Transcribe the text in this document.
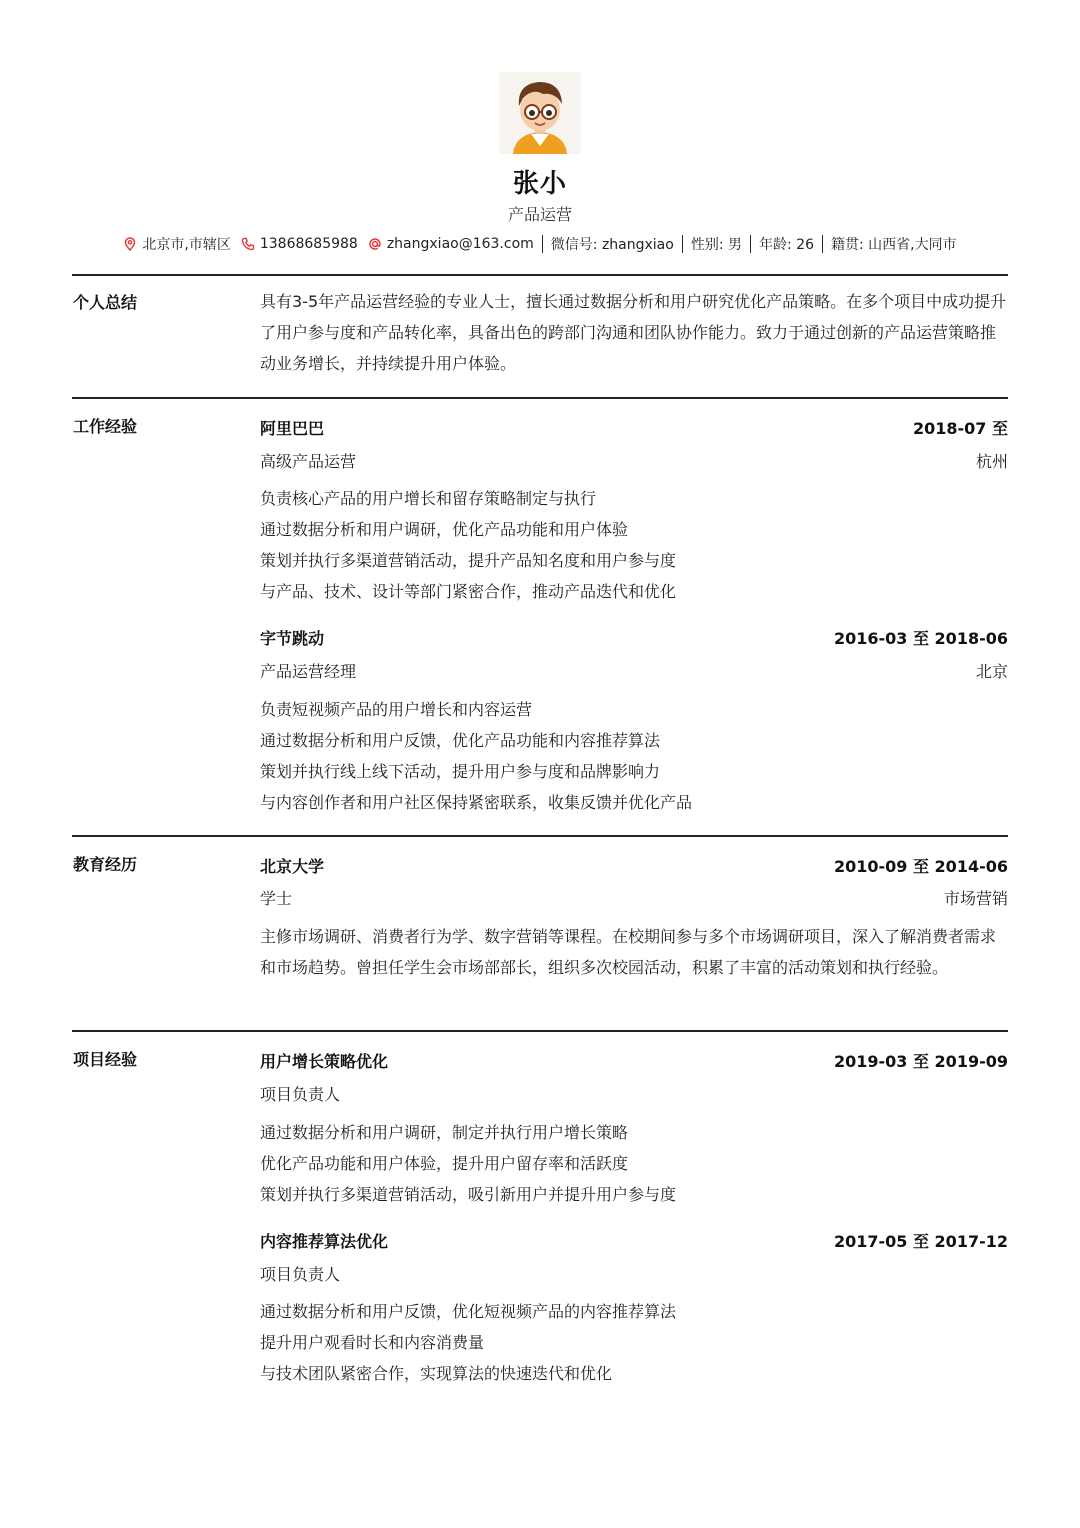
张小
产品运营
北京市,市辖区 13868685988 zhangxiao@163.com 微信号: zhangxiao 性别: 男 年龄: 26 籍贯: 山西省,大同市
个人总结	具有3-5年产品运营经验的专业人士，擅长通过数据分析和用户研究优化产品策略。在多个项目中成功提升了用户参与度和产品转化率，具备出色的跨部门沟通和团队协作能力。致力于通过创新的产品运营策略推动业务增长，并持续提升用户体验。
工作经验	阿里巴巴	2018-07 至
高级产品运营	杭州
负责核心产品的用户增长和留存策略制定与执行
通过数据分析和用户调研，优化产品功能和用户体验
策划并执行多渠道营销活动，提升产品知名度和用户参与度
与产品、技术、设计等部门紧密合作，推动产品迭代和优化
字节跳动	2016-03 至 2018-06
产品运营经理	北京
负责短视频产品的用户增长和内容运营
通过数据分析和用户反馈，优化产品功能和内容推荐算法
策划并执行线上线下活动，提升用户参与度和品牌影响力
与内容创作者和用户社区保持紧密联系，收集反馈并优化产品
教育经历	北京大学	2010-09 至 2014-06
学士	市场营销
主修市场调研、消费者行为学、数字营销等课程。在校期间参与多个市场调研项目，深入了解消费者需求和市场趋势。曾担任学生会市场部部长，组织多次校园活动，积累了丰富的活动策划和执行经验。
项目经验	用户增长策略优化	2019-03 至 2019-09
项目负责人
通过数据分析和用户调研，制定并执行用户增长策略
优化产品功能和用户体验，提升用户留存率和活跃度
策划并执行多渠道营销活动，吸引新用户并提升用户参与度
内容推荐算法优化	2017-05 至 2017-12
项目负责人
通过数据分析和用户反馈，优化短视频产品的内容推荐算法
提升用户观看时长和内容消费量
与技术团队紧密合作，实现算法的快速迭代和优化
